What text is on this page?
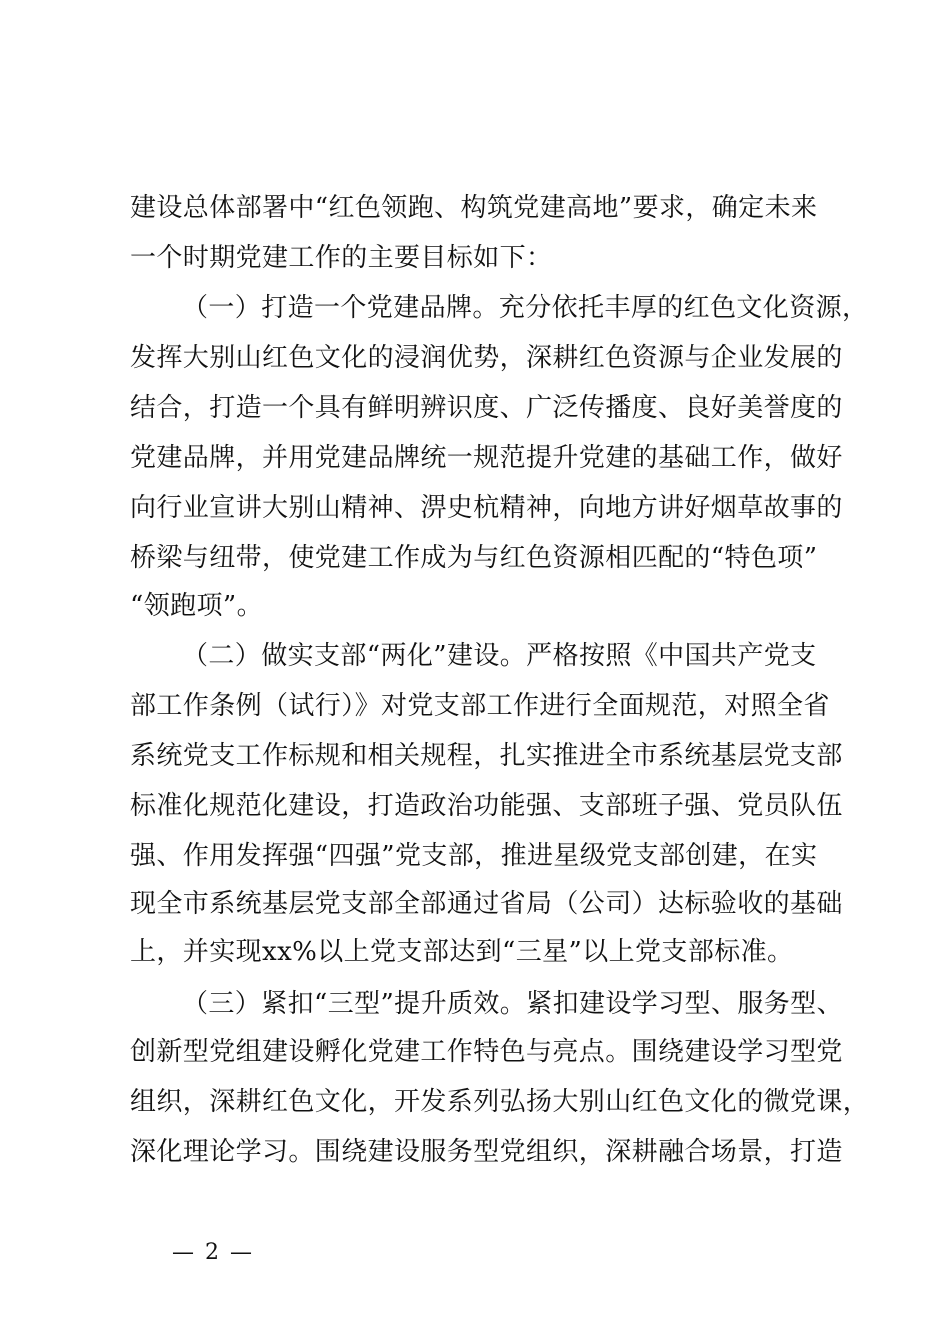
建设总体部署中“红色领跑、构筑党建高地”要求，确定未来
一个时期党建工作的主要目标如下：
（一）打造一个党建品牌。充分依托丰厚的红色文化资源，
发挥大别山红色文化的浸润优势，深耕红色资源与企业发展的
结合，打造一个具有鲜明辨识度、广泛传播度、良好美誉度的
党建品牌，并用党建品牌统一规范提升党建的基础工作，做好
向行业宣讲大别山精神、淠史杭精神，向地方讲好烟草故事的
桥梁与纽带，使党建工作成为与红色资源相匹配的“特色项”
“领跑项”。
（二）做实支部“两化”建设。严格按照《中国共产党支
部工作条例（试行）》对党支部工作进行全面规范，对照全省
系统党支工作标规和相关规程，扎实推进全市系统基层党支部
标准化规范化建设，打造政治功能强、支部班子强、党员队伍
强、作用发挥强“四强”党支部，推进星级党支部创建，在实
现全市系统基层党支部全部通过省局（公司）达标验收的基础
上，并实现xx%以上党支部达到“三星”以上党支部标准。
（三）紧扣“三型”提升质效。紧扣建设学习型、服务型、
创新型党组建设孵化党建工作特色与亮点。围绕建设学习型党
组织，深耕红色文化，开发系列弘扬大别山红色文化的微党课，
深化理论学习。围绕建设服务型党组织，深耕融合场景，打造
— 2 —
